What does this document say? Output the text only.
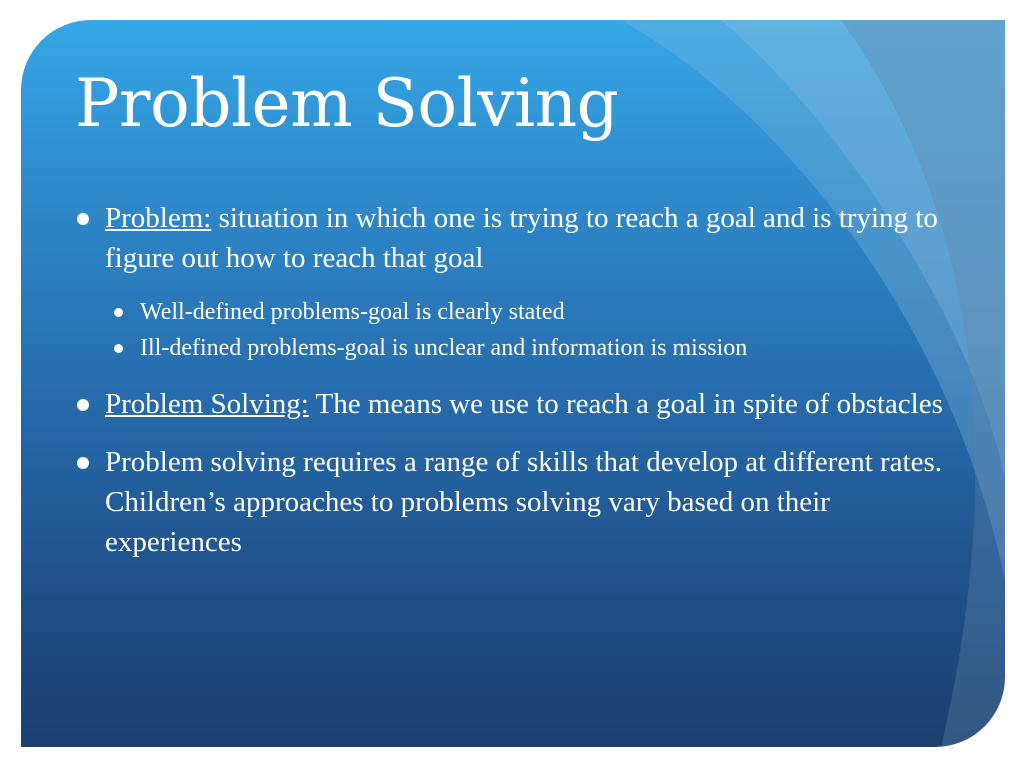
Problem Solving
Problem: situation in which one is trying to reach a goal and is trying to figure out how to reach that goal
Well-defined problems-goal is clearly stated
Ill-defined problems-goal is unclear and information is mission
Problem Solving: The means we use to reach a goal in spite of obstacles
Problem solving requires a range of skills that develop at different rates. Children’s approaches to problems solving vary based on their experiences
